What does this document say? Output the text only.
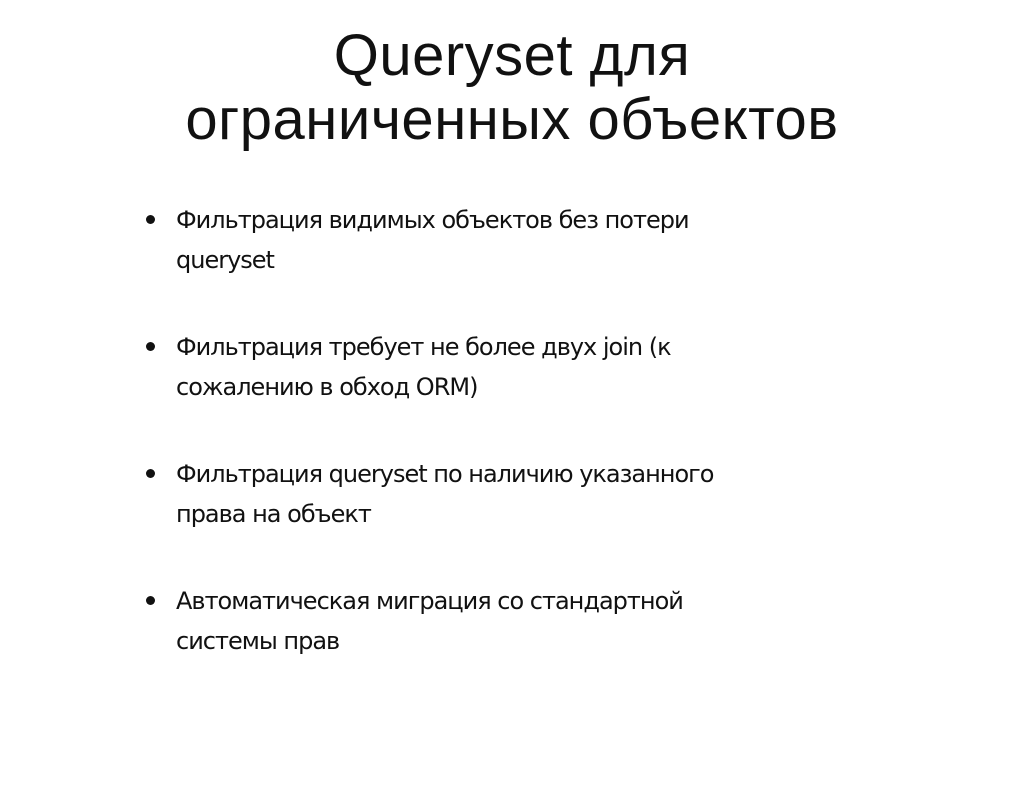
Queryset для
ограниченных объектов
Фильтрация видимых объектов без потери
queryset
Фильтрация требует не более двух join (к
сожалению в обход ORM)
Фильтрация queryset по наличию указанного
права на объект
Автоматическая миграция со стандартной
системы прав
